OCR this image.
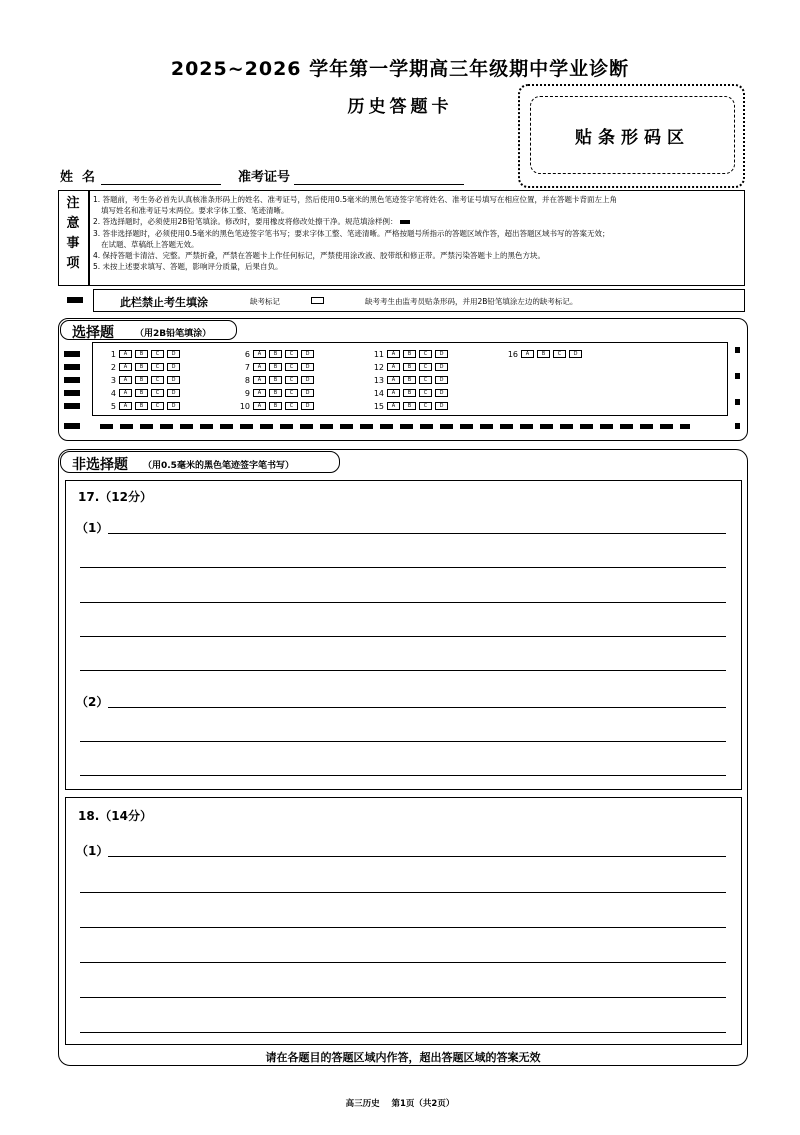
2025~2026 学年第一学期高三年级期中学业诊断
历史答题卡
贴条形码区
姓  名	准考证号
注
意
事
项
1. 答题前，考生务必首先认真核准条形码上的姓名、准考证号，然后使用0.5毫米的黑色笔迹签字笔将姓名、准考证号填写在相应位置，并在答题卡背面左上角
填写姓名和准考证号末两位。要求字体工整、笔迹清晰。
2. 答选择题时，必须使用2B铅笔填涂。修改时，要用橡皮将修改处擦干净。规范填涂样例：
3. 答非选择题时，必须使用0.5毫米的黑色笔迹签字笔书写；要求字体工整、笔迹清晰。严格按题号所指示的答题区域作答，超出答题区域书写的答案无效；
在试题、草稿纸上答题无效。
4. 保持答题卡清洁、完整。严禁折叠，严禁在答题卡上作任何标记，严禁使用涂改液、胶带纸和修正带。严禁污染答题卡上的黑色方块。
5. 未按上述要求填写、答题，影响评分质量，后果自负。
此栏禁止考生填涂	缺考标记	缺考考生由监考员贴条形码，并用2B铅笔填涂左边的缺考标记。
选择题 （用2B铅笔填涂）
1	A	B	C	D
2	A	B	C	D
3	A	B	C	D
4	A	B	C	D
5	A	B	C	D
6	A	B	C	D
7	A	B	C	D
8	A	B	C	D
9	A	B	C	D
10	A	B	C	D
11	A	B	C	D
12	A	B	C	D
13	A	B	C	D
14	A	B	C	D
15	A	B	C	D
16	A	B	C	D
非选择题 （用0.5毫米的黑色笔迹签字笔书写）
17.（12分）
（1）
（2）
18.（14分）
（1）
请在各题目的答题区域内作答，超出答题区域的答案无效
高三历史    第1页（共2页）
